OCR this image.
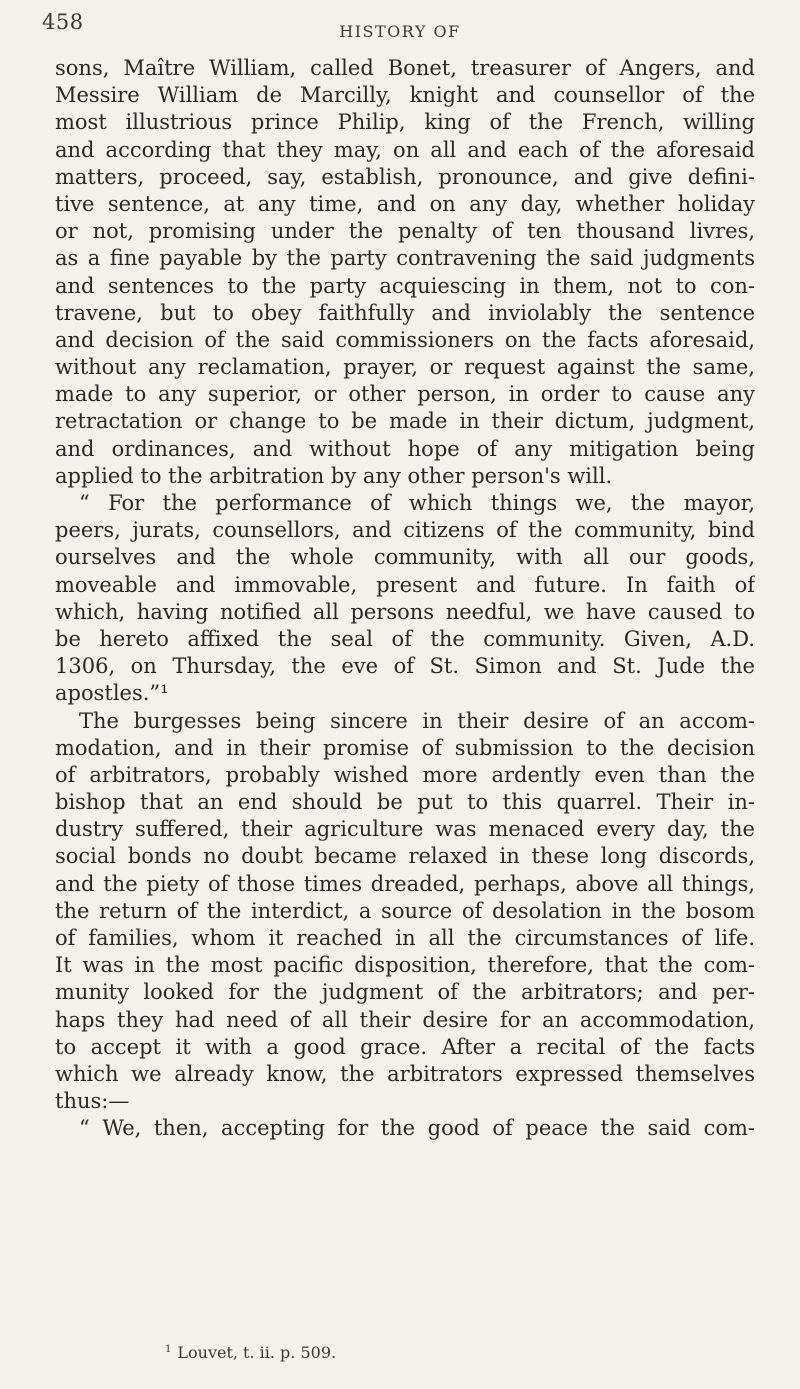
458	HISTORY OF
sons, Maître William, called Bonet, treasurer of Angers, and
Messire William de Marcilly, knight and counsellor of the
most illustrious prince Philip, king of the French, willing
and according that they may, on all and each of the aforesaid
matters, proceed, say, establish, pronounce, and give defini-
tive sentence, at any time, and on any day, whether holiday
or not, promising under the penalty of ten thousand livres,
as a fine payable by the party contravening the said judgments
and sentences to the party acquiescing in them, not to con-
travene, but to obey faithfully and inviolably the sentence
and decision of the said commissioners on the facts aforesaid,
without any reclamation, prayer, or request against the same,
made to any superior, or other person, in order to cause any
retractation or change to be made in their dictum, judgment,
and ordinances, and without hope of any mitigation being
applied to the arbitration by any other person's will.
“ For the performance of which things we, the mayor,
peers, jurats, counsellors, and citizens of the community, bind
ourselves and the whole community, with all our goods,
moveable and immovable, present and future. In faith of
which, having notified all persons needful, we have caused to
be hereto affixed the seal of the community. Given, A.D.
1306, on Thursday, the eve of St. Simon and St. Jude the
apostles.”¹
The burgesses being sincere in their desire of an accom-
modation, and in their promise of submission to the decision
of arbitrators, probably wished more ardently even than the
bishop that an end should be put to this quarrel. Their in-
dustry suffered, their agriculture was menaced every day, the
social bonds no doubt became relaxed in these long discords,
and the piety of those times dreaded, perhaps, above all things,
the return of the interdict, a source of desolation in the bosom
of families, whom it reached in all the circumstances of life.
It was in the most pacific disposition, therefore, that the com-
munity looked for the judgment of the arbitrators; and per-
haps they had need of all their desire for an accommodation,
to accept it with a good grace. After a recital of the facts
which we already know, the arbitrators expressed themselves
thus:—
“ We, then, accepting for the good of peace the said com-
$^1$ Louvet, t. ii. p. 509.
